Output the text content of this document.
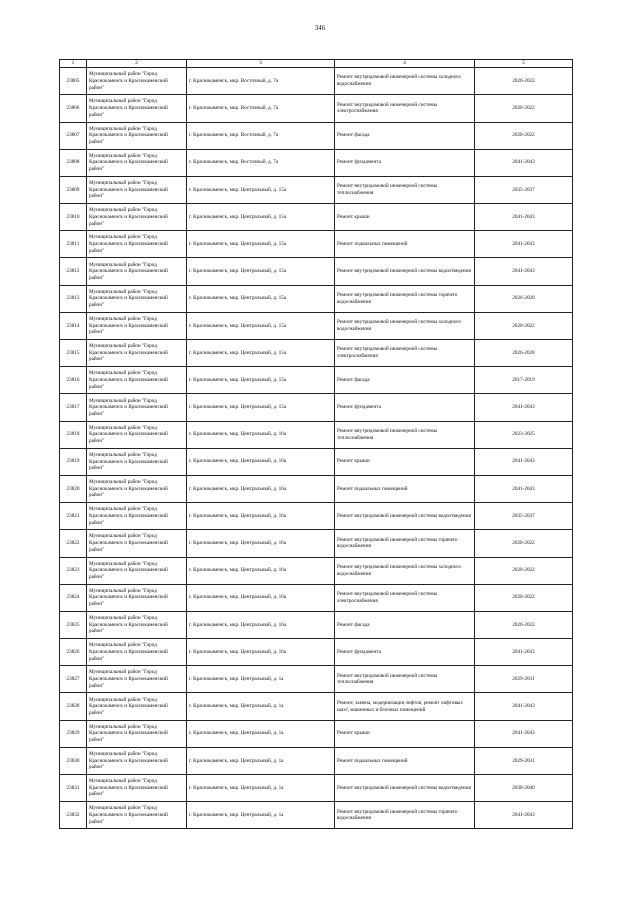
346
1	2	3	4	5
23805	Муниципальный район "Город Краснокаменск и Краснокаменский район"	г. Краснокаменск, мкр. Восточный, д. 7а	Ремонт внутридомовой инженерной системы холодного водоснабжения	2020-2022
23806	Муниципальный район "Город Краснокаменск и Краснокаменский район"	г. Краснокаменск, мкр. Восточный, д. 7а	Ремонт внутридомовой инженерной системы электроснабжения	2020-2022
23807	Муниципальный район "Город Краснокаменск и Краснокаменский район"	г. Краснокаменск, мкр. Восточный, д. 7а	Ремонт фасада	2020-2022
23808	Муниципальный район "Город Краснокаменск и Краснокаменский район"	г. Краснокаменск, мкр. Восточный, д. 7а	Ремонт фундамента	2041-2043
23809	Муниципальный район "Город Краснокаменск и Краснокаменский район"	г. Краснокаменск, мкр. Центральный, д. 15а	Ремонт внутридомовой инженерной системы теплоснабжения	2035-2037
23810	Муниципальный район "Город Краснокаменск и Краснокаменский район"	г. Краснокаменск, мкр. Центральный, д. 15а	Ремонт крыши	2041-2043
23811	Муниципальный район "Город Краснокаменск и Краснокаменский район"	г. Краснокаменск, мкр. Центральный, д. 15а	Ремонт подвальных помещений	2041-2043
23812	Муниципальный район "Город Краснокаменск и Краснокаменский район"	г. Краснокаменск, мкр. Центральный, д. 15а	Ремонт внутридомовой инженерной системы водоотведения	2041-2043
23813	Муниципальный район "Город Краснокаменск и Краснокаменский район"	г. Краснокаменск, мкр. Центральный, д. 15а	Ремонт внутридомовой инженерной системы горячего водоснабжения	2026-2028
23814	Муниципальный район "Город Краснокаменск и Краснокаменский район"	г. Краснокаменск, мкр. Центральный, д. 15а	Ремонт внутридомовой инженерной системы холодного водоснабжения	2020-2022
23815	Муниципальный район "Город Краснокаменск и Краснокаменский район"	г. Краснокаменск, мкр. Центральный, д. 15а	Ремонт внутридомовой инженерной системы электроснабжения	2026-2028
23816	Муниципальный район "Город Краснокаменск и Краснокаменский район"	г. Краснокаменск, мкр. Центральный, д. 15а	Ремонт фасада	2017-2019
23817	Муниципальный район "Город Краснокаменск и Краснокаменский район"	г. Краснокаменск, мкр. Центральный, д. 15а	Ремонт фундамента	2041-2043
23818	Муниципальный район "Город Краснокаменск и Краснокаменский район"	г. Краснокаменск, мкр. Центральный, д. 16а	Ремонт внутридомовой инженерной системы теплоснабжения	2023-2025
23819	Муниципальный район "Город Краснокаменск и Краснокаменский район"	г. Краснокаменск, мкр. Центральный, д. 16а	Ремонт крыши	2041-2043
23820	Муниципальный район "Город Краснокаменск и Краснокаменский район"	г. Краснокаменск, мкр. Центральный, д. 16а	Ремонт подвальных помещений	2041-2043
23821	Муниципальный район "Город Краснокаменск и Краснокаменский район"	г. Краснокаменск, мкр. Центральный, д. 16а	Ремонт внутридомовой инженерной системы водоотведения	2035-2037
23822	Муниципальный район "Город Краснокаменск и Краснокаменский район"	г. Краснокаменск, мкр. Центральный, д. 16а	Ремонт внутридомовой инженерной системы горячего водоснабжения	2020-2022
23823	Муниципальный район "Город Краснокаменск и Краснокаменский район"	г. Краснокаменск, мкр. Центральный, д. 16а	Ремонт внутридомовой инженерной системы холодного водоснабжения	2020-2022
23824	Муниципальный район "Город Краснокаменск и Краснокаменский район"	г. Краснокаменск, мкр. Центральный, д. 16а	Ремонт внутридомовой инженерной системы электроснабжения	2020-2022
23825	Муниципальный район "Город Краснокаменск и Краснокаменский район"	г. Краснокаменск, мкр. Центральный, д. 16а	Ремонт фасада	2020-2022
23826	Муниципальный район "Город Краснокаменск и Краснокаменский район"	г. Краснокаменск, мкр. Центральный, д. 16а	Ремонт фундамента	2041-2043
23827	Муниципальный район "Город Краснокаменск и Краснокаменский район"	г. Краснокаменск, мкр. Центральный, д. 1а	Ремонт внутридомовой инженерной системы теплоснабжения	2029-2031
23828	Муниципальный район "Город Краснокаменск и Краснокаменский район"	г. Краснокаменск, мкр. Центральный, д. 1а	Ремонт, замена, модернизация лифтов, ремонт лифтовых шахт, машинных и блочных помещений	2041-2043
23829	Муниципальный район "Город Краснокаменск и Краснокаменский район"	г. Краснокаменск, мкр. Центральный, д. 1а	Ремонт крыши	2041-2043
23830	Муниципальный район "Город Краснокаменск и Краснокаменский район"	г. Краснокаменск, мкр. Центральный, д. 1а	Ремонт подвальных помещений	2029-2031
23831	Муниципальный район "Город Краснокаменск и Краснокаменский район"	г. Краснокаменск, мкр. Центральный, д. 1а	Ремонт внутридомовой инженерной системы водоотведения	2038-2040
23832	Муниципальный район "Город Краснокаменск и Краснокаменский район"	г. Краснокаменск, мкр. Центральный, д. 1а	Ремонт внутридомовой инженерной системы горячего водоснабжения	2041-2043
